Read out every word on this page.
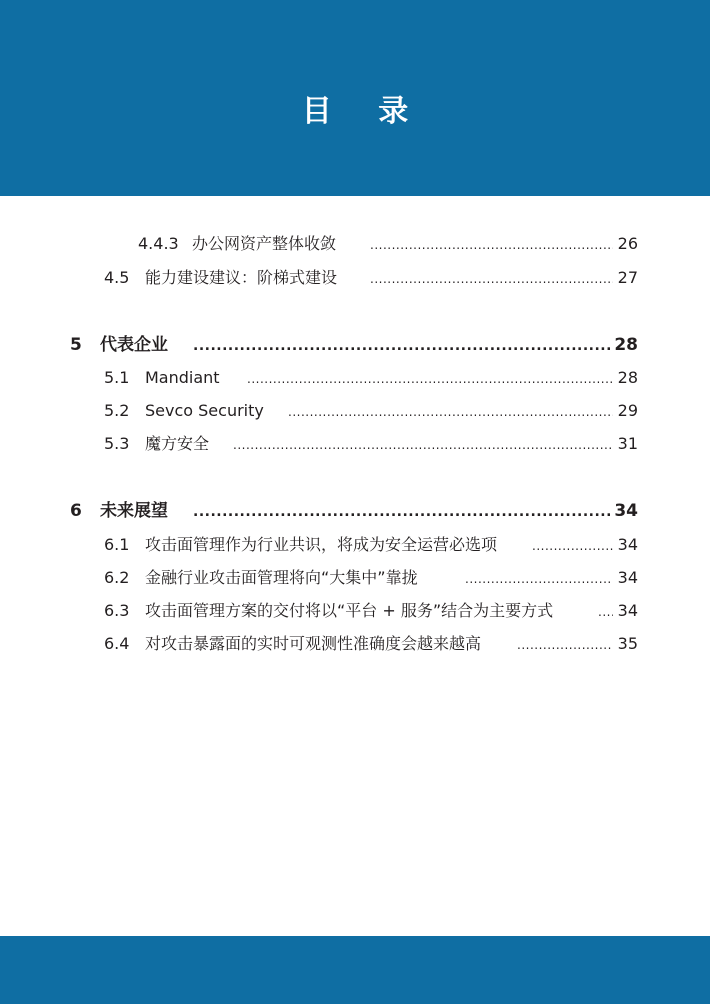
目 录
4.4.3 办公网资产整体收敛 .....	26
4.5 能力建设建议：阶梯式建设 .....	27
5 代表企业 .....	28
5.1 Mandiant .....	28
5.2 Sevco Security .....	29
5.3 魔方安全 .....	31
6 未来展望 .....	34
6.1 攻击面管理作为行业共识，将成为安全运营必选项 .....	34
6.2 金融行业攻击面管理将向“大集中”靠拢 .....	34
6.3 攻击面管理方案的交付将以“平台 + 服务”结合为主要方式 .....	34
6.4 对攻击暴露面的实时可观测性准确度会越来越高 .....	35
